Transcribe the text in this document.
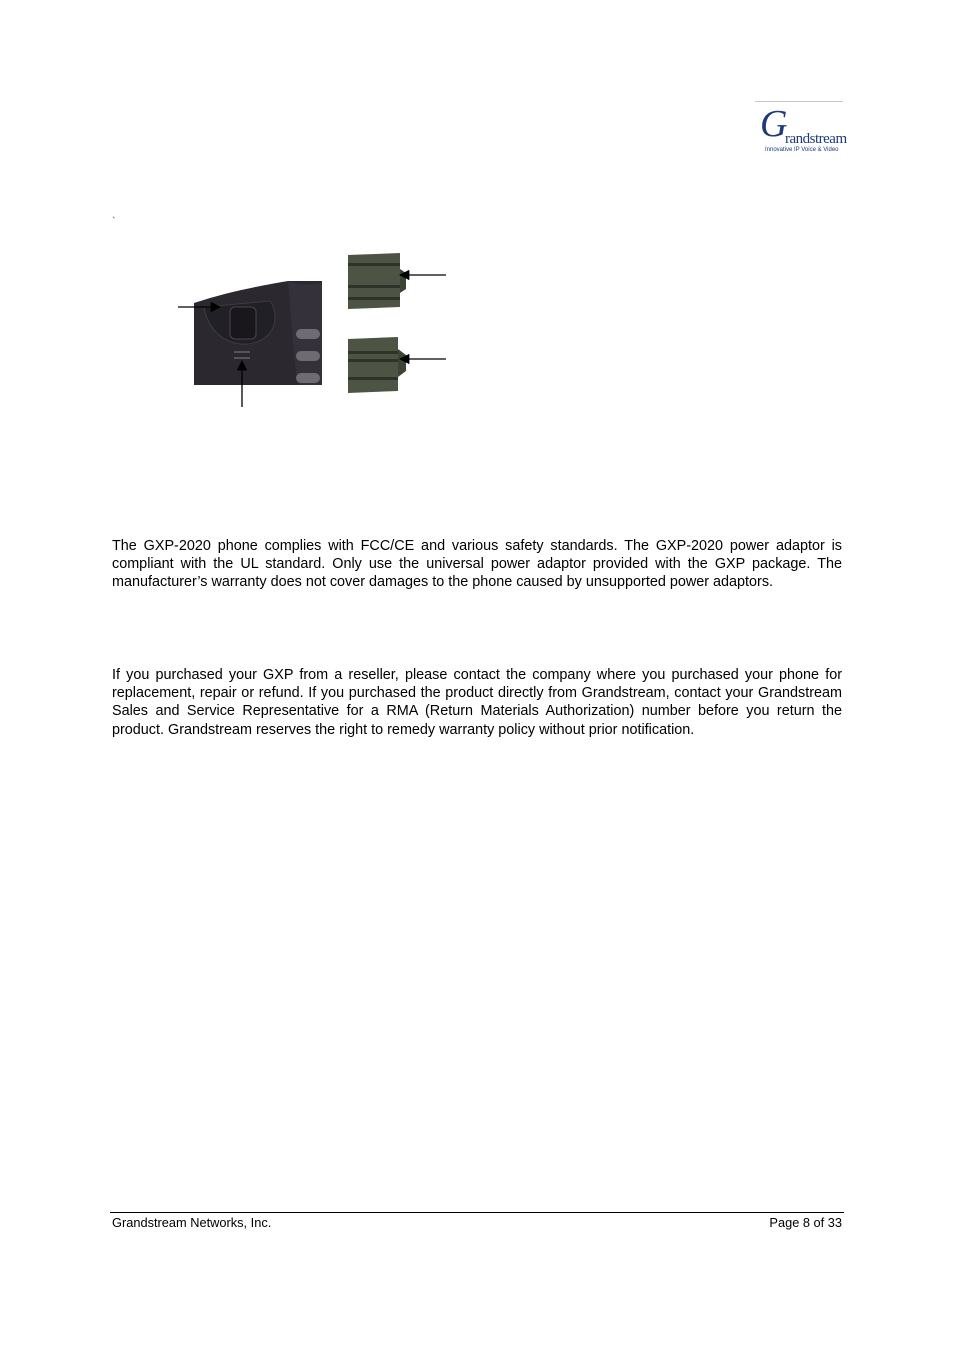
G
randstream
Innovative IP Voice & Video
`

The GXP-2020 phone complies with FCC/CE and various safety standards. The GXP-2020 power adaptor is compliant with the UL standard. Only use the universal power adaptor provided with the GXP package. The manufacturer’s warranty does not cover damages to the phone caused by unsupported power adaptors.

If you purchased your GXP from a reseller, please contact the company where you purchased your phone for replacement, repair or refund. If you purchased the product directly from Grandstream, contact your Grandstream Sales and Service Representative for a RMA (Return Materials Authorization) number before you return the product. Grandstream reserves the right to remedy warranty policy without prior notification.

Grandstream Networks, Inc.	Page 8 of 33
